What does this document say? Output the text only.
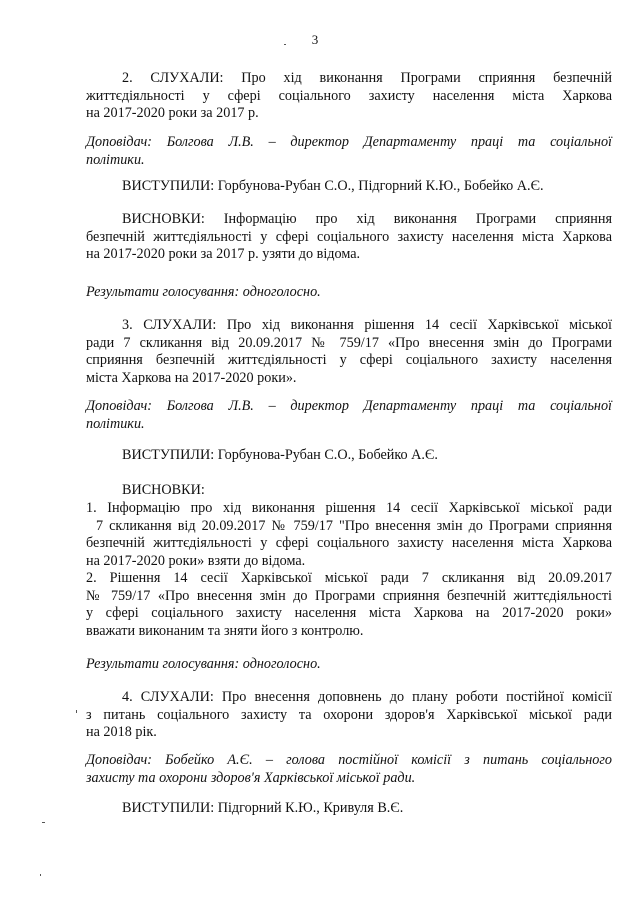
3
2. СЛУХАЛИ: Про хід виконання Програми сприяння безпечній
життєдіяльності у сфері соціального захисту населення міста Харкова
на 2017-2020 роки за 2017 р.
Доповідач: Болгова Л.В. – директор Департаменту праці та соціальної
політики.
ВИСТУПИЛИ: Горбунова-Рубан С.О., Підгорний К.Ю., Бобейко А.Є.
ВИСНОВКИ: Інформацію про хід виконання Програми сприяння
безпечній життєдіяльності у сфері соціального захисту населення міста Харкова
на 2017-2020 роки за 2017 р. узяти до відома.
Результати голосування: одноголосно.
3. СЛУХАЛИ: Про хід виконання рішення 14 сесії Харківської міської
ради 7 скликання від 20.09.2017 № 759/17 «Про внесення змін до Програми
сприяння безпечній життєдіяльності у сфері соціального захисту населення
міста Харкова на 2017-2020 роки».
Доповідач: Болгова Л.В. – директор Департаменту праці та соціальної
політики.
ВИСТУПИЛИ: Горбунова-Рубан С.О., Бобейко А.Є.
ВИСНОВКИ:
1. Інформацію про хід виконання рішення 14 сесії Харківської міської ради
7 скликання від 20.09.2017 № 759/17 "Про внесення змін до Програми сприяння
безпечній життєдіяльності у сфері соціального захисту населення міста Харкова
на 2017-2020 роки» взяти до відома.
2. Рішення 14 сесії Харківської міської ради 7 скликання від 20.09.2017
№ 759/17 «Про внесення змін до Програми сприяння безпечній життєдіяльності
у сфері соціального захисту населення міста Харкова на 2017-2020 роки»
вважати виконаним та зняти його з контролю.
Результати голосування: одноголосно.
4. СЛУХАЛИ: Про внесення доповнень до плану роботи постійної комісії
з питань соціального захисту та охорони здоров'я Харківської міської ради
на 2018 рік.
Доповідач: Бобейко А.Є. – голова постійної комісії з питань соціального
захисту та охорони здоров'я Харківської міської ради.
ВИСТУПИЛИ: Підгорний К.Ю., Кривуля В.Є.
